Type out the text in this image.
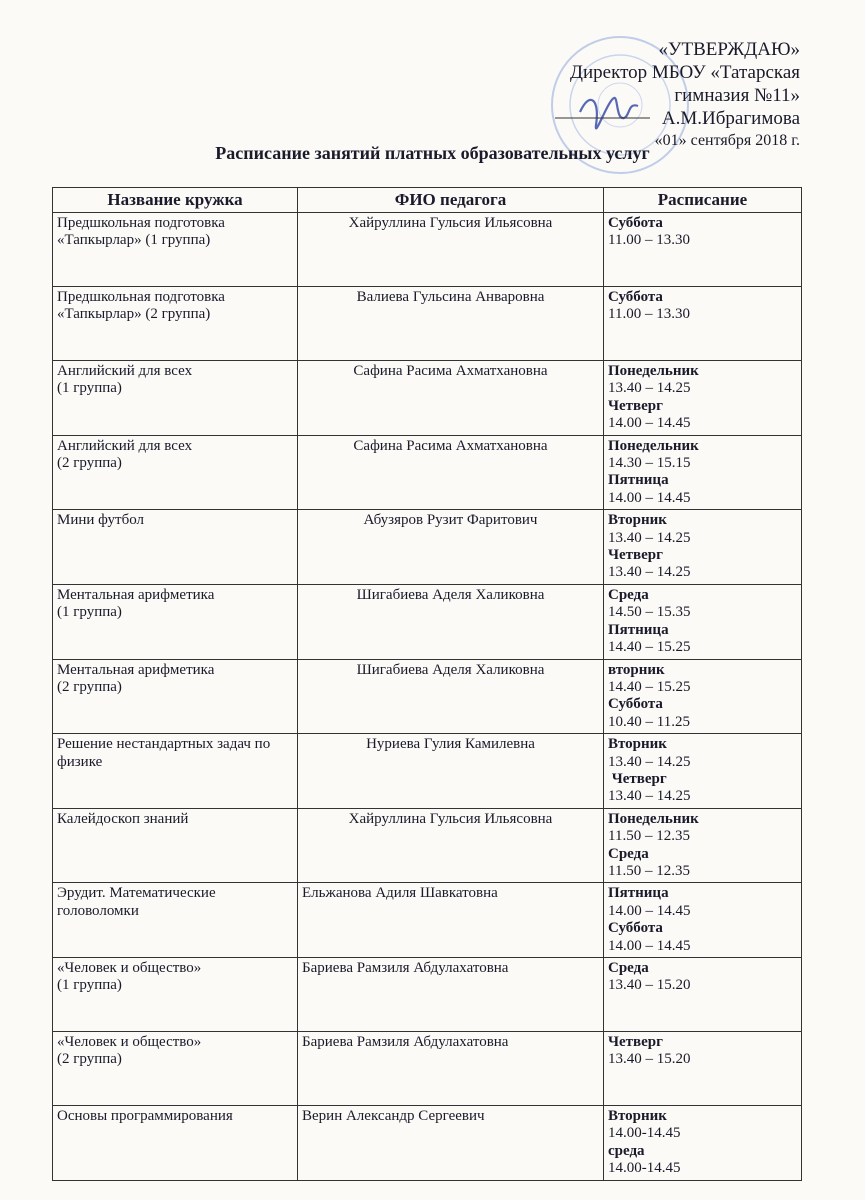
«УТВЕРЖДАЮ»
Директор МБОУ «Татарская
гимназия №11»
А.М.Ибрагимова
«01» сентября 2018 г.
Расписание занятий платных образовательных услуг
Название кружка	ФИО педагога	Расписание
Предшкольная подготовка «Тапкырлар» (1 группа)	Хайруллина Гульсия Ильясовна	Суббота
11.00 – 13.30

Предшкольная подготовка «Тапкырлар» (2 группа)	Валиева Гульсина Анваровна	Суббота
11.00 – 13.30

Английский для всех
(1 группа)	Сафина Расима Ахматхановна	Понедельник
13.40 – 14.25
Четверг
14.00 – 14.45

Английский для всех
(2 группа)	Сафина Расима Ахматхановна	Понедельник
14.30 – 15.15
Пятница
14.00 – 14.45

Мини футбол	Абузяров Рузит Фаритович	Вторник
13.40 – 14.25
Четверг
13.40 – 14.25

Ментальная арифметика
(1 группа)	Шигабиева Аделя Халиковна	Среда
14.50 – 15.35
Пятница
14.40 – 15.25

Ментальная арифметика
(2 группа)	Шигабиева Аделя Халиковна	вторник
14.40 – 15.25
Суббота
10.40 – 11.25

Решение нестандартных задач по физике	Нуриева Гулия Камилевна	Вторник
13.40 – 14.25
Четверг
13.40 – 14.25

Калейдоскоп знаний	Хайруллина Гульсия Ильясовна	Понедельник
11.50 – 12.35
Среда
11.50 – 12.35

Эрудит. Математические головоломки	Ельжанова Адиля Шавкатовна	Пятница
14.00 – 14.45
Суббота
14.00 – 14.45

«Человек и общество»
(1 группа)	Бариева Рамзиля Абдулахатовна	Среда
13.40 – 15.20

«Человек и общество»
(2 группа)	Бариева Рамзиля Абдулахатовна	Четверг
13.40 – 15.20

Основы программирования	Верин Александр Сергеевич	Вторник
14.00-14.45
среда
14.00-14.45
